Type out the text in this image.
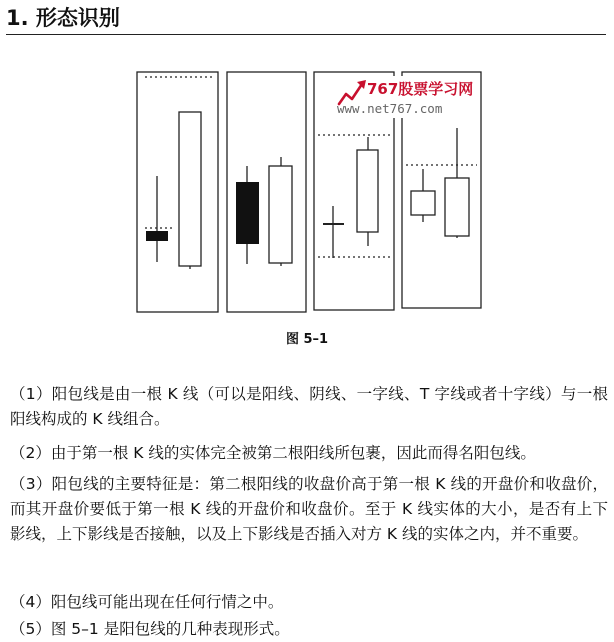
1. 形态识别
767股票学习网
www.net767.com
图 5–1
（1）阳包线是由一根 K 线（可以是阳线、阴线、一字线、T 字线或者十字线）与一根阳线构成的 K 线组合。
（2）由于第一根 K 线的实体完全被第二根阳线所包裹，因此而得名阳包线。
（3）阳包线的主要特征是：第二根阳线的收盘价高于第一根 K 线的开盘价和收盘价，而其开盘价要低于第一根 K 线的开盘价和收盘价。至于 K 线实体的大小，是否有上下影线，上下影线是否接触，以及上下影线是否插入对方 K 线的实体之内，并不重要。
（4）阳包线可能出现在任何行情之中。
（5）图 5–1 是阳包线的几种表现形式。
